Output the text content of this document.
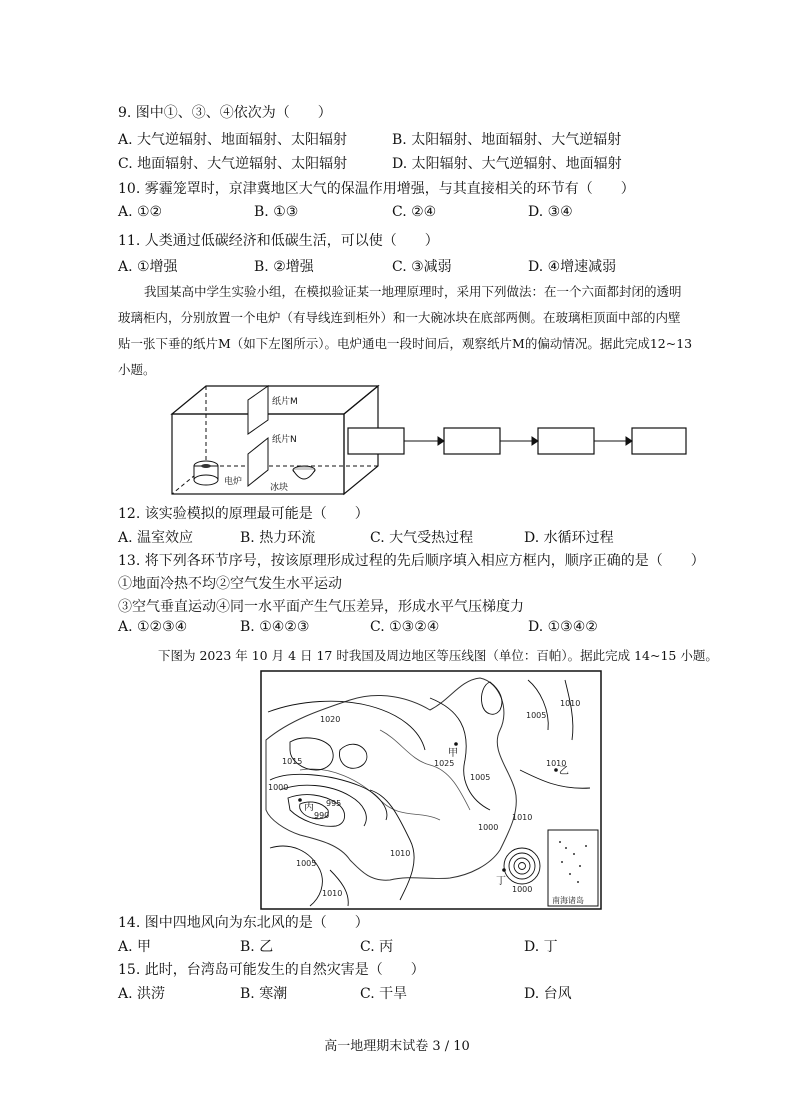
9. 图中①、③、④依次为（　　）
A. 大气逆辐射、地面辐射、太阳辐射	B. 太阳辐射、地面辐射、大气逆辐射
C. 地面辐射、大气逆辐射、太阳辐射	D. 太阳辐射、大气逆辐射、地面辐射
10. 雾霾笼罩时，京津冀地区大气的保温作用增强，与其直接相关的环节有（　　）
A. ①②	B. ①③	C. ②④	D. ③④
11. 人类通过低碳经济和低碳生活，可以使（　　）
A. ①增强	B. ②增强	C. ③减弱	D. ④增速减弱
我国某高中学生实验小组，在模拟验证某一地理原理时，采用下列做法：在一个六面都封闭的透明
玻璃柜内，分别放置一个电炉（有导线连到柜外）和一大碗冰块在底部两侧。在玻璃柜顶面中部的内壁
贴一张下垂的纸片M（如下左图所示）。电炉通电一段时间后，观察纸片M的偏动情况。据此完成12~13
小题。
纸片M
纸片N
电炉
冰块
12. 该实验模拟的原理最可能是（　　）
A. 温室效应	B. 热力环流	C. 大气受热过程	D. 水循环过程
13. 将下列各环节序号，按该原理形成过程的先后顺序填入相应方框内，顺序正确的是（　　）
①地面冷热不均②空气发生水平运动
③空气垂直运动④同一水平面产生气压差异，形成水平气压梯度力
A. ①②③④	B. ①④②③	C. ①③②④	D. ①③④②
下图为 2023 年 10 月 4 日 17 时我国及周边地区等压线图（单位：百帕）。据此完成 14~15 小题。
南海诸岛
1020
1015
1000
995
990
1005
1010
1010
1005
1010
1000
1010
1005
1000
1010
1025
甲
乙
丙
丁
14. 图中四地风向为东北风的是（　　）
A. 甲	B. 乙	C. 丙	D. 丁
15. 此时，台湾岛可能发生的自然灾害是（　　）
A. 洪涝	B. 寒潮	C. 干旱	D. 台风
高一地理期末试卷 3 / 10
